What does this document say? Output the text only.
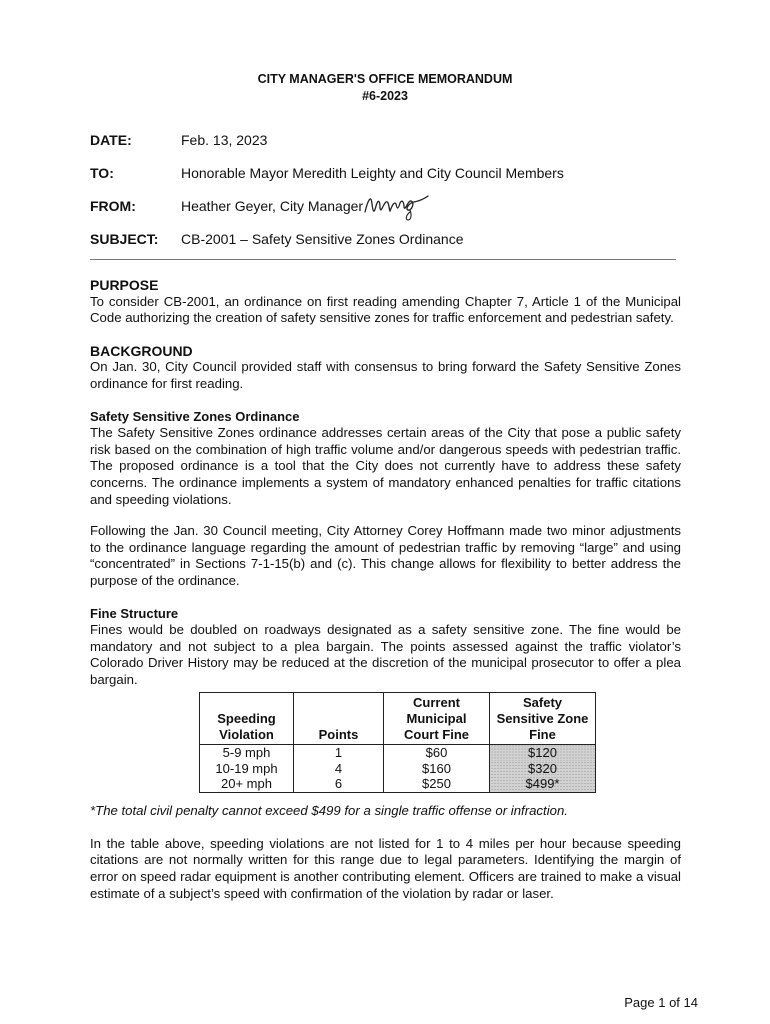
CITY MANAGER'S OFFICE MEMORANDUM
#6-2023
DATE:	Feb. 13, 2023
TO:	Honorable Mayor Meredith Leighty and City Council Members
FROM:	Heather Geyer, City Manager
SUBJECT: CB-2001 – Safety Sensitive Zones Ordinance
PURPOSE

To consider CB-2001, an ordinance on first reading amending Chapter 7, Article 1 of the Municipal Code authorizing the creation of safety sensitive zones for traffic enforcement and pedestrian safety.

BACKGROUND

On Jan. 30, City Council provided staff with consensus to bring forward the Safety Sensitive Zones ordinance for first reading.

Safety Sensitive Zones Ordinance

The Safety Sensitive Zones ordinance addresses certain areas of the City that pose a public safety risk based on the combination of high traffic volume and/or dangerous speeds with pedestrian traffic. The proposed ordinance is a tool that the City does not currently have to address these safety concerns. The ordinance implements a system of mandatory enhanced penalties for traffic citations and speeding violations.

Following the Jan. 30 Council meeting, City Attorney Corey Hoffmann made two minor adjustments to the ordinance language regarding the amount of pedestrian traffic by removing “large” and using “concentrated” in Sections 7-1-15(b) and (c). This change allows for flexibility to better address the purpose of the ordinance.

Fine Structure

Fines would be doubled on roadways designated as a safety sensitive zone. The fine would be mandatory and not subject to a plea bargain. The points assessed against the traffic violator’s Colorado Driver History may be reduced at the discretion of the municipal prosecutor to offer a plea bargain.

Speeding Violation	Points	Current Municipal Court Fine	Safety Sensitive Zone Fine
5-9 mph	1	$60	$120
10-19 mph	4	$160	$320
20+ mph	6	$250	$499*

*The total civil penalty cannot exceed $499 for a single traffic offense or infraction.

In the table above, speeding violations are not listed for 1 to 4 miles per hour because speeding citations are not normally written for this range due to legal parameters. Identifying the margin of error on speed radar equipment is another contributing element. Officers are trained to make a visual estimate of a subject’s speed with confirmation of the violation by radar or laser.

Page 1 of 14
